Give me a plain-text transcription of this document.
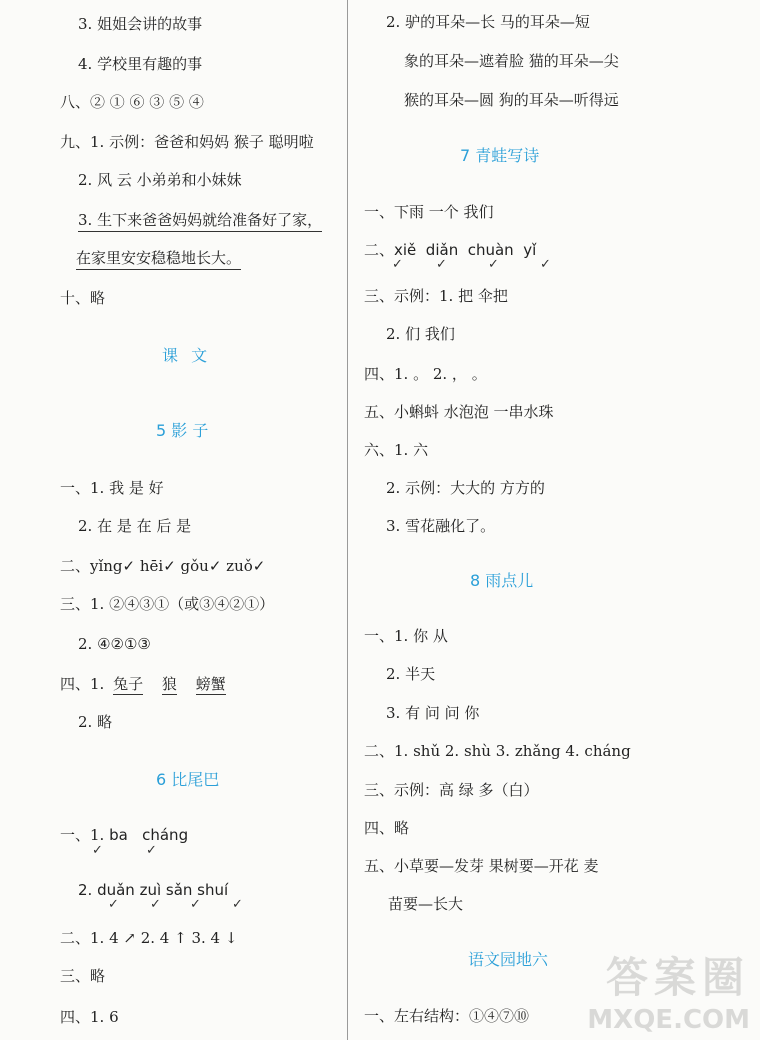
3. 姐姐会讲的故事
4. 学校里有趣的事
八、② ① ⑥ ③ ⑤ ④
九、1. 示例：爸爸和妈妈 猴子 聪明啦
2. 风 云 小弟弟和小妹妹
3. 生下来爸爸妈妈就给准备好了家，
在家里安安稳稳地长大。
十、略
课 文
5 影 子
一、1. 我 是 好
2. 在 是 在 后 是
二、yǐng✓ hēi✓ gǒu✓ zuǒ✓
三、1. ②④③①（或③④②①）
2. ④②①③
四、1. 兔子 狼 螃蟹
2. 略
6 比尾巴
一、1. ba   cháng
✓	✓
2. duǎn zuì sǎn shuí
✓ ✓ ✓ ✓
二、1. 4 ↗ 2. 4 ↑ 3. 4 ↓
三、略
四、1. 6
2. 驴的耳朵—长 马的耳朵—短
象的耳朵—遮着脸 猫的耳朵—尖
猴的耳朵—圆 狗的耳朵—听得远
7 青蛙写诗
一、下雨 一个 我们
二、xiě  diǎn  chuàn  yǐ
✓	✓	✓	✓
三、示例：1. 把 伞把
2. 们 我们
四、1. 。 2. ， 。
五、小蝌蚪 水泡泡 一串水珠
六、1. 六
2. 示例：大大的 方方的
3. 雪花融化了。
8 雨点儿
一、1. 你 从
2. 半天
3. 有 问 问 你
二、1. shǔ 2. shù 3. zhǎng 4. cháng
三、示例：高 绿 多（白）
四、略
五、小草要—发芽 果树要—开花 麦
苗要—长大
语文园地六
一、左右结构：①④⑦⑩
答案圈
MXQE.COM
